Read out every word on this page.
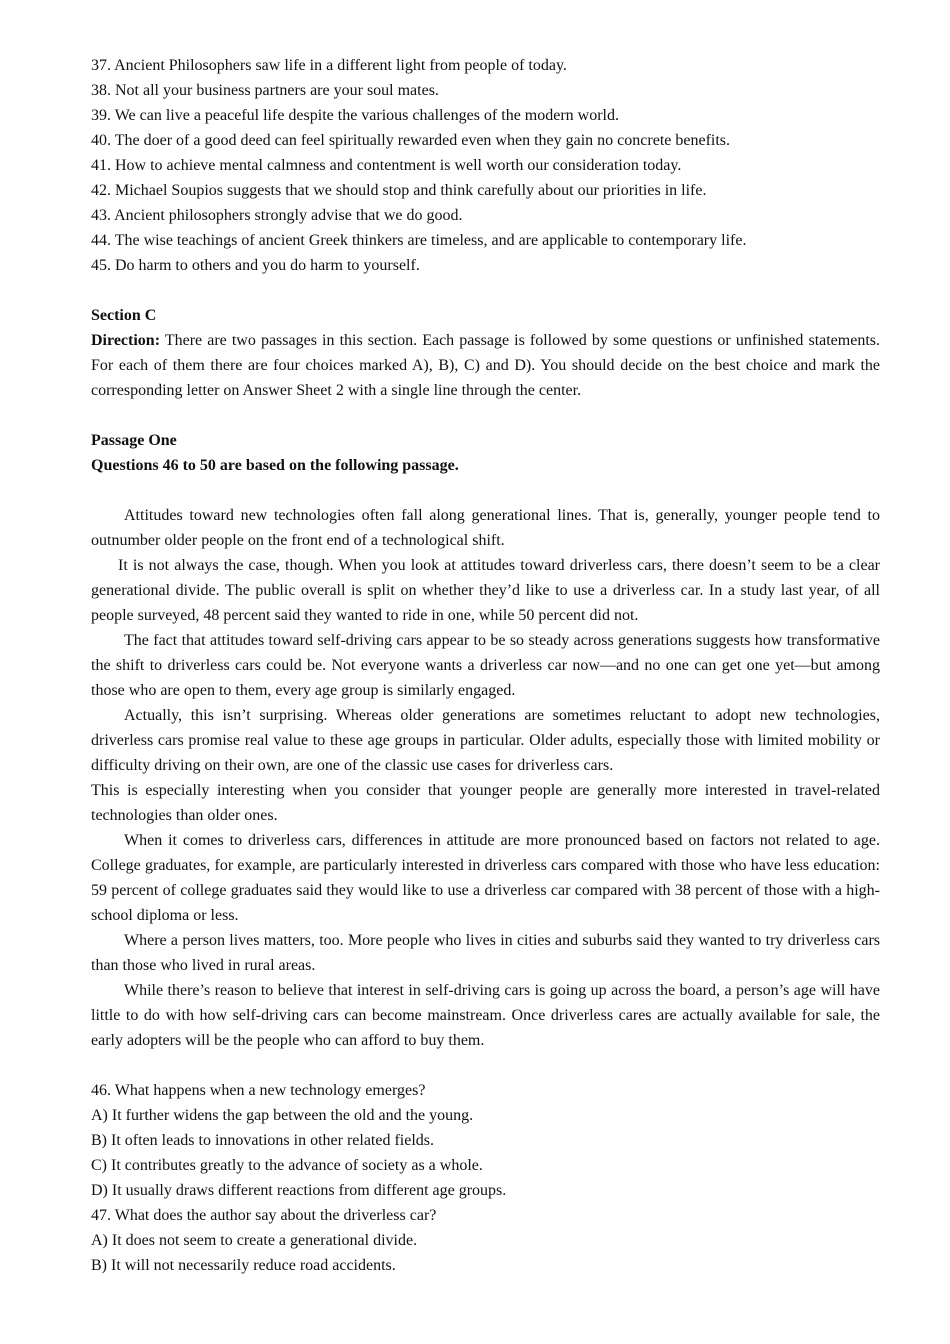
37. Ancient Philosophers saw life in a different light from people of today.

38. Not all your business partners are your soul mates.

39. We can live a peaceful life despite the various challenges of the modern world.

40. The doer of a good deed can feel spiritually rewarded even when they gain no concrete benefits.

41. How to achieve mental calmness and contentment is well worth our consideration today.

42. Michael Soupios suggests that we should stop and think carefully about our priorities in life.

43. Ancient philosophers strongly advise that we do good.

44. The wise teachings of ancient Greek thinkers are timeless, and are applicable to contemporary life.

45. Do harm to others and you do harm to yourself.

Section C

Direction: There are two passages in this section. Each passage is followed by some questions or unfinished statements. For each of them there are four choices marked A), B), C) and D). You should decide on the best choice and mark the corresponding letter on Answer Sheet 2 with a single line through the center.

Passage One

Questions 46 to 50 are based on the following passage.

Attitudes toward new technologies often fall along generational lines. That is, generally, younger people tend to outnumber older people on the front end of a technological shift.

It is not always the case, though. When you look at attitudes toward driverless cars, there doesn’t seem to be a clear generational divide. The public overall is split on whether they’d like to use a driverless car. In a study last year, of all people surveyed, 48 percent said they wanted to ride in one, while 50 percent did not.

The fact that attitudes toward self-driving cars appear to be so steady across generations suggests how transformative the shift to driverless cars could be. Not everyone wants a driverless car now—and no one can get one yet—but among those who are open to them, every age group is similarly engaged.

Actually, this isn’t surprising. Whereas older generations are sometimes reluctant to adopt new technologies, driverless cars promise real value to these age groups in particular. Older adults, especially those with limited mobility or difficulty driving on their own, are one of the classic use cases for driverless cars.

This is especially interesting when you consider that younger people are generally more interested in travel-related technologies than older ones.

When it comes to driverless cars, differences in attitude are more pronounced based on factors not related to age. College graduates, for example, are particularly interested in driverless cars compared with those who have less education: 59 percent of college graduates said they would like to use a driverless car compared with 38 percent of those with a high-school diploma or less.

Where a person lives matters, too. More people who lives in cities and suburbs said they wanted to try driverless cars than those who lived in rural areas.

While there’s reason to believe that interest in self-driving cars is going up across the board, a person’s age will have little to do with how self-driving cars can become mainstream. Once driverless cares are actually available for sale, the early adopters will be the people who can afford to buy them.

46. What happens when a new technology emerges?

A) It further widens the gap between the old and the young.

B) It often leads to innovations in other related fields.

C) It contributes greatly to the advance of society as a whole.

D) It usually draws different reactions from different age groups.

47. What does the author say about the driverless car?

A) It does not seem to create a generational divide.

B) It will not necessarily reduce road accidents.
